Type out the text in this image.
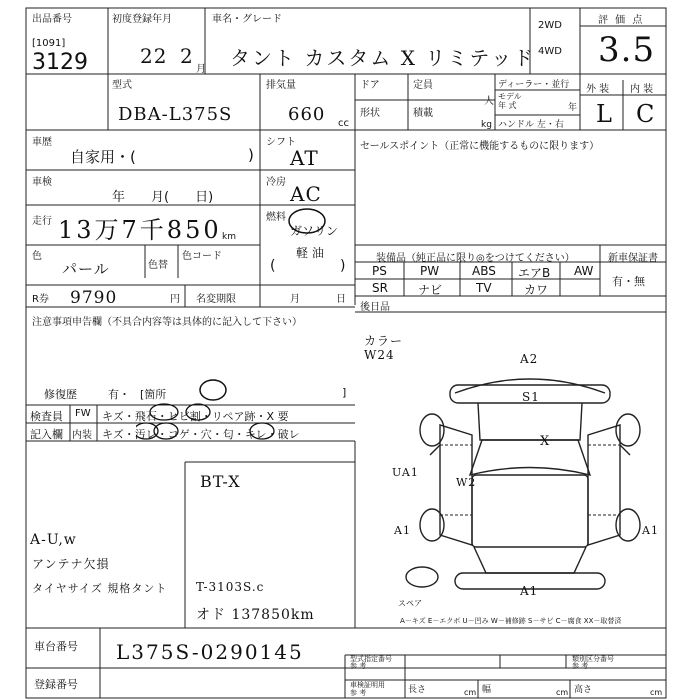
出品番号
[1091]
3129
初度登録年月
22 2
月
車名・グレード
タント カスタム X リミテッド
2WD
4WD
評 価 点
3.5
型式
DBA-L375S
排気量
660 cc
ドア	定員
人
形状	積載
kg
ディーラー・並行
モデル
年 式	年
ハンドル 左・右
外 装 内 装
L C
車歴
自家用・(	)
シフト
AT	セールスポイント（正常に機能するものに限ります）
車検
年　　月(　　日)
冷房 AC
走行 13万7千850 km
燃料
ガソリン
軽 油
(	)
色
パール	色替
色コード
R券 9790	円 名変期限	月	日
注意事項申告欄（不具合内容等は具体的に記入して下さい）
修復歴	有・ [箇所	]
装備品（純正品に限り◎をつけてください）	新車保証書
有・無
PS	PW	ABS エアB AW
SR	ナビ	TV	カワ
後日品
検査員
記入欄
FW キズ・飛石・ヒビ割・リペア跡・X 要
内装 キズ・汚レ・コゲ・穴・匂・キレ・破レ
BT-X
A-U,w
アンテナ欠損
タイヤサイズ 規格タント T-3103S.c
オド 137850km
カラー
W24	A2
S1
X
UA1
W2
A1	A1
A1
スペア
A－キズ E－エクボ U－凹み W－補修跡 S－サビ C－腐食 XX－取替済
車台番号 L375S-0290145
登録番号
型式指定番号
参 考
類別区分番号
参 考
車検証明用
参 考	長さ	cm 幅	cm 高さ	cm
